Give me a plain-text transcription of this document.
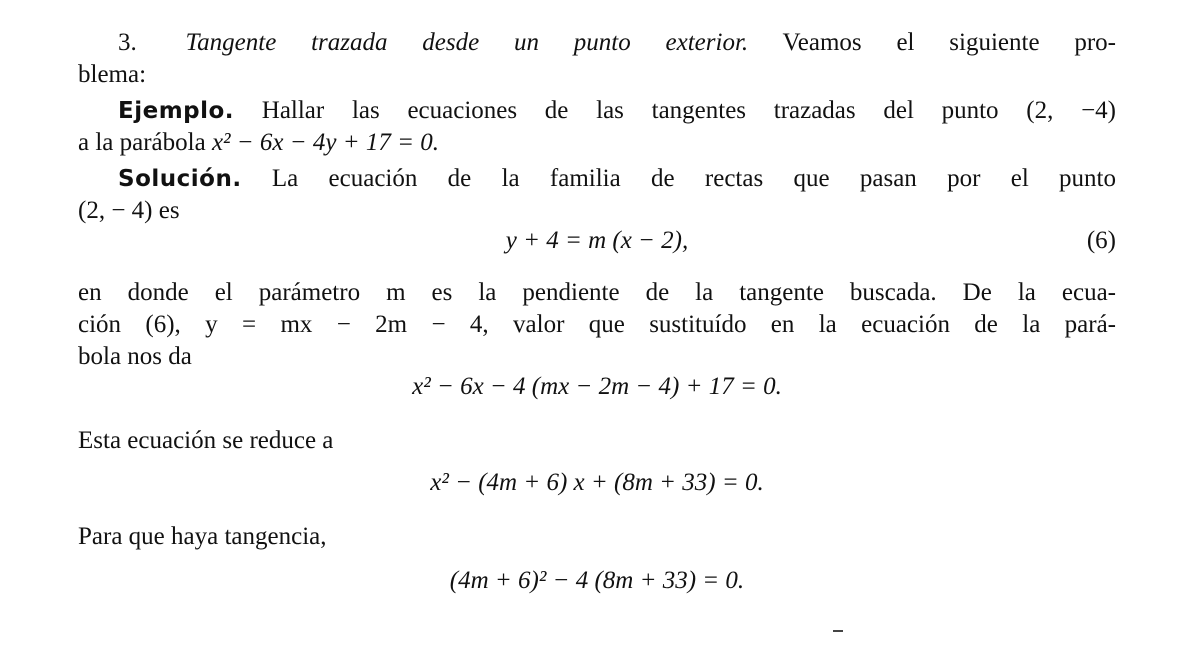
3. Tangente trazada desde un punto exterior. Veamos el siguiente pro-
blema:
Ejemplo. Hallar las ecuaciones de las tangentes trazadas del punto (2, −4)
a la parábola x² − 6x − 4y + 17 = 0.
Solución. La ecuación de la familia de rectas que pasan por el punto
(2, − 4) es
y + 4 = m (x − 2),	(6)
en donde el parámetro m es la pendiente de la tangente buscada. De la ecua-
ción (6), y = mx − 2m − 4, valor que sustituído en la ecuación de la pará-
bola nos da
x² − 6x − 4 (mx − 2m − 4) + 17 = 0.
Esta ecuación se reduce a
x² − (4m + 6) x + (8m + 33) = 0.
Para que haya tangencia,
(4m + 6)² − 4 (8m + 33) = 0.
